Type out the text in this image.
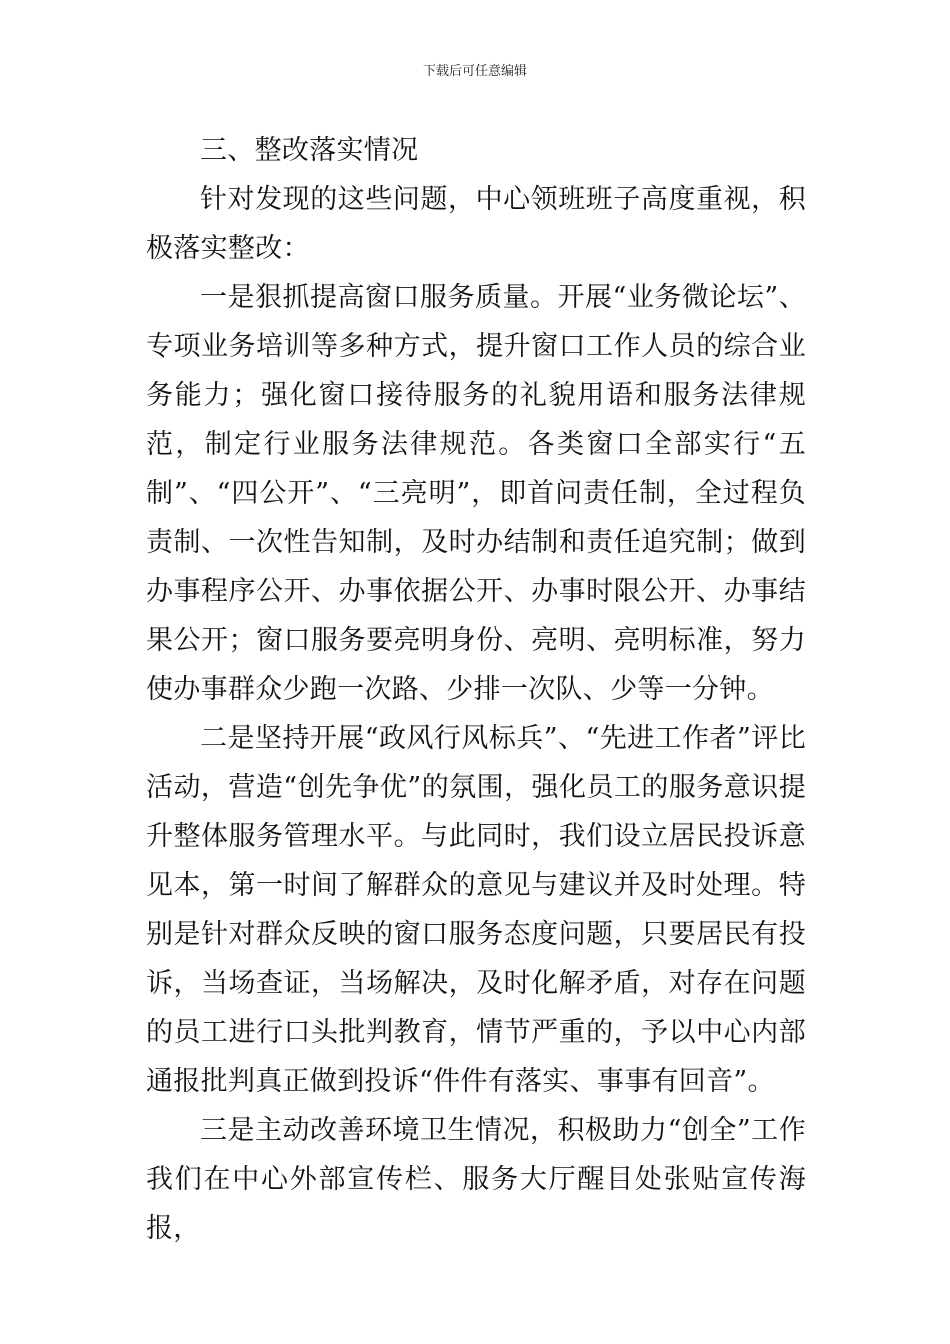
下载后可任意编辑

三、整改落实情况

针对发现的这些问题，中心领班班子高度重视，积极落实整改：

一是狠抓提高窗口服务质量。开展“业务微论坛”、专项业务培训等多种方式，提升窗口工作人员的综合业务能力；强化窗口接待服务的礼貌用语和服务法律规范，制定行业服务法律规范。各类窗口全部实行“五制”、“四公开”、“三亮明”，即首问责任制，全过程负责制、一次性告知制，及时办结制和责任追究制；做到办事程序公开、办事依据公开、办事时限公开、办事结果公开；窗口服务要亮明身份、亮明、亮明标准，努力使办事群众少跑一次路、少排一次队、少等一分钟。

二是坚持开展“政风行风标兵”、“先进工作者”评比活动，营造“创先争优”的氛围，强化员工的服务意识提升整体服务管理水平。与此同时，我们设立居民投诉意见本，第一时间了解群众的意见与建议并及时处理。特别是针对群众反映的窗口服务态度问题，只要居民有投诉，当场查证，当场解决，及时化解矛盾，对存在问题的员工进行口头批判教育，情节严重的，予以中心内部通报批判真正做到投诉“件件有落实、事事有回音”。

三是主动改善环境卫生情况，积极助力“创全”工作我们在中心外部宣传栏、服务大厅醒目处张贴宣传海报，
